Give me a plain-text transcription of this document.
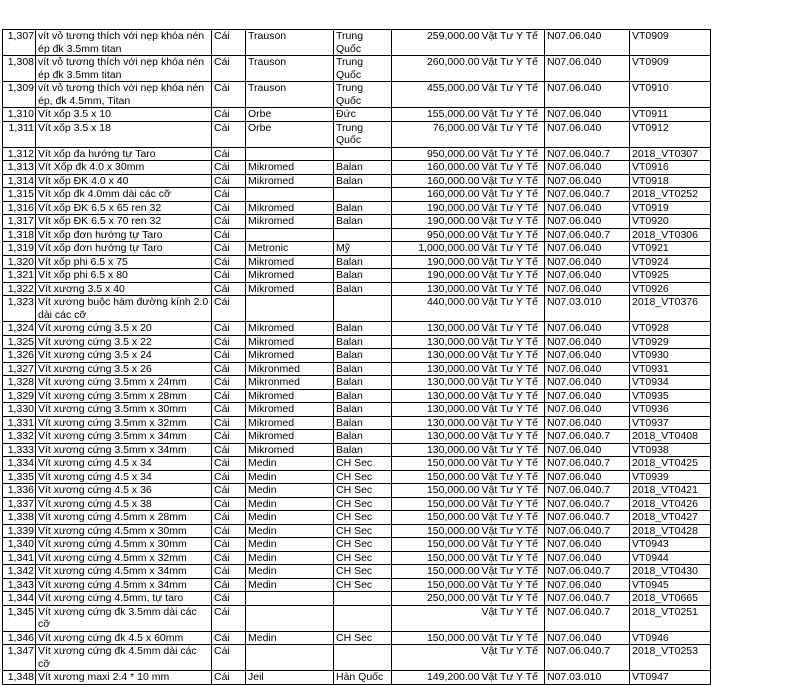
1,307	vít vỏ tương thích với nẹp khóa nén ép đk 3.5mm titan	Cái	Trauson	Trung Quốc	259,000.00	Vật Tư Y Tế	N07.06.040	VT0909
1,308	vít vỏ tương thích với nẹp khóa nén ép đk 3.5mm titan	Cái	Trauson	Trung Quốc	260,000.00	Vật Tư Y Tế	N07.06.040	VT0909
1,309	vít vỏ tương thích với nẹp khóa nén ép, đk 4.5mm, Titan	Cái	Trauson	Trung Quốc	455,000.00	Vật Tư Y Tế	N07.06.040	VT0910
1,310	Vít xốp 3.5 x 10	Cái	Orbe	Đức	155,000.00	Vật Tư Y Tế	N07.06.040	VT0911
1,311	Vít xốp 3.5 x 18	Cái	Orbe	Trung Quốc	76,000.00	Vật Tư Y Tế	N07.06.040	VT0912
1,312	Vít xốp đa hướng tự Taro	Cái			950,000.00	Vật Tư Y Tế	N07.06.040.7	2018_VT0307
1,313	Vít Xốp đk 4.0 x 30mm	Cái	Mikromed	Balan	160,000.00	Vật Tư Y Tế	N07.06.040	VT0916
1,314	Vít xốp ĐK 4.0 x 40	Cái	Mikromed	Balan	160,000.00	Vật Tư Y Tế	N07.06.040	VT0918
1,315	Vít xốp đk 4.0mm dài các cỡ	Cái			160,000.00	Vật Tư Y Tế	N07.06.040.7	2018_VT0252
1,316	Vít xốp ĐK 6.5 x 65 ren 32	Cái	Mikromed	Balan	190,000.00	Vật Tư Y Tế	N07.06.040	VT0919
1,317	Vít xốp ĐK 6.5 x 70 ren 32	Cái	Mikromed	Balan	190,000.00	Vật Tư Y Tế	N07.06.040	VT0920
1,318	Vít xốp đơn hướng tự Taro	Cái			950,000.00	Vật Tư Y Tế	N07.06.040.7	2018_VT0306
1,319	Vít xốp đơn hướng tự Taro	Cái	Metronic	Mỹ	1,000,000.00	Vật Tư Y Tế	N07.06.040	VT0921
1,320	Vít xốp phi 6.5 x 75	Cái	Mikromed	Balan	190,000.00	Vật Tư Y Tế	N07.06.040	VT0924
1,321	Vít xốp phi 6.5 x 80	Cái	Mikromed	Balan	190,000.00	Vật Tư Y Tế	N07.06.040	VT0925
1,322	Vít xương 3.5 x 40	Cái	Mikromed	Balan	130,000.00	Vật Tư Y Tế	N07.06.040	VT0926
1,323	Vít xương buộc hàm đường kính 2.0 dài các cỡ	Cái			440,000.00	Vật Tư Y Tế	N07.03.010	2018_VT0376
1,324	Vít xương cứng 3.5 x 20	Cái	Mikromed	Balan	130,000.00	Vật Tư Y Tế	N07.06.040	VT0928
1,325	Vít xương cứng 3.5 x 22	Cái	Mikromed	Balan	130,000.00	Vật Tư Y Tế	N07.06.040	VT0929
1,326	Vít xương cứng 3.5 x 24	Cái	Mikromed	Balan	130,000.00	Vật Tư Y Tế	N07.06.040	VT0930
1,327	Vít xương cứng 3.5 x 26	Cái	Mikronmed	Balan	130,000.00	Vật Tư Y Tế	N07.06.040	VT0931
1,328	Vít xương cứng 3.5mm x 24mm	Cái	Mikronmed	Balan	130,000.00	Vật Tư Y Tế	N07.06.040	VT0934
1,329	Vít xương cứng 3.5mm x 28mm	Cái	Mikromed	Balan	130,000.00	Vật Tư Y Tế	N07.06.040	VT0935
1,330	Vít xương cứng 3.5mm x 30mm	Cái	Mikromed	Balan	130,000.00	Vật Tư Y Tế	N07.06.040	VT0936
1,331	Vít xương cứng 3.5mm x 32mm	Cái	Mikromed	Balan	130,000.00	Vật Tư Y Tế	N07.06.040	VT0937
1,332	Vít xương cứng 3.5mm x 34mm	Cái	Mikromed	Balan	130,000.00	Vật Tư Y Tế	N07.06.040.7	2018_VT0408
1,333	Vít xương cứng 3.5mm x 34mm	Cái	Mikromed	Balan	130,000.00	Vật Tư Y Tế	N07.06.040	VT0938
1,334	Vít xương cứng 4.5 x 34	Cái	Medin	CH Sec	150,000.00	Vật Tư Y Tế	N07.06.040.7	2018_VT0425
1,335	Vít xương cứng 4.5 x 34	Cái	Medin	CH Sec	150,000.00	Vật Tư Y Tế	N07.06.040	VT0939
1,336	Vít xương cứng 4.5 x 36	Cái	Medin	CH Sec	150,000.00	Vật Tư Y Tế	N07.06.040.7	2018_VT0421
1,337	Vít xương cứng 4.5 x 38	Cái	Medin	CH Sec	150,000.00	Vật Tư Y Tế	N07.06.040.7	2018_VT0426
1,338	Vít xương cứng 4.5mm x 28mm	Cái	Medin	CH Sec	150,000.00	Vật Tư Y Tế	N07.06.040.7	2018_VT0427
1,339	Vít xương cứng 4.5mm x 30mm	Cái	Medin	CH Sec	150,000.00	Vật Tư Y Tế	N07.06.040.7	2018_VT0428
1,340	Vít xương cứng 4.5mm x 30mm	Cái	Medin	CH Sec	150,000.00	Vật Tư Y Tế	N07.06.040	VT0943
1,341	Vít xương cứng 4.5mm x 32mm	Cái	Medin	CH Sec	150,000.00	Vật Tư Y Tế	N07.06.040	VT0944
1,342	Vít xương cứng 4.5mm x 34mm	Cái	Medin	CH Sec	150,000.00	Vật Tư Y Tế	N07.06.040.7	2018_VT0430
1,343	Vít xương cứng 4.5mm x 34mm	Cái	Medin	CH Sec	150,000.00	Vật Tư Y Tế	N07.06.040	VT0945
1,344	Vít xương cứng 4.5mm, tự taro	Cái			250,000.00	Vật Tư Y Tế	N07.06.040.7	2018_VT0665
1,345	Vít xương cứng đk 3.5mm dài các cỡ	Cái				Vật Tư Y Tế	N07.06.040.7	2018_VT0251
1,346	Vít xương cứng đk 4.5 x 60mm	Cái	Medin	CH Sec	150,000.00	Vật Tư Y Tế	N07.06.040	VT0946
1,347	Vít xương cứng đk 4.5mm dài các cỡ	Cái				Vật Tư Y Tế	N07.06.040.7	2018_VT0253
1,348	Vít xương maxi 2.4 * 10 mm	Cái	Jeil	Hàn Quốc	149,200.00	Vật Tư Y Tế	N07.03.010	VT0947
